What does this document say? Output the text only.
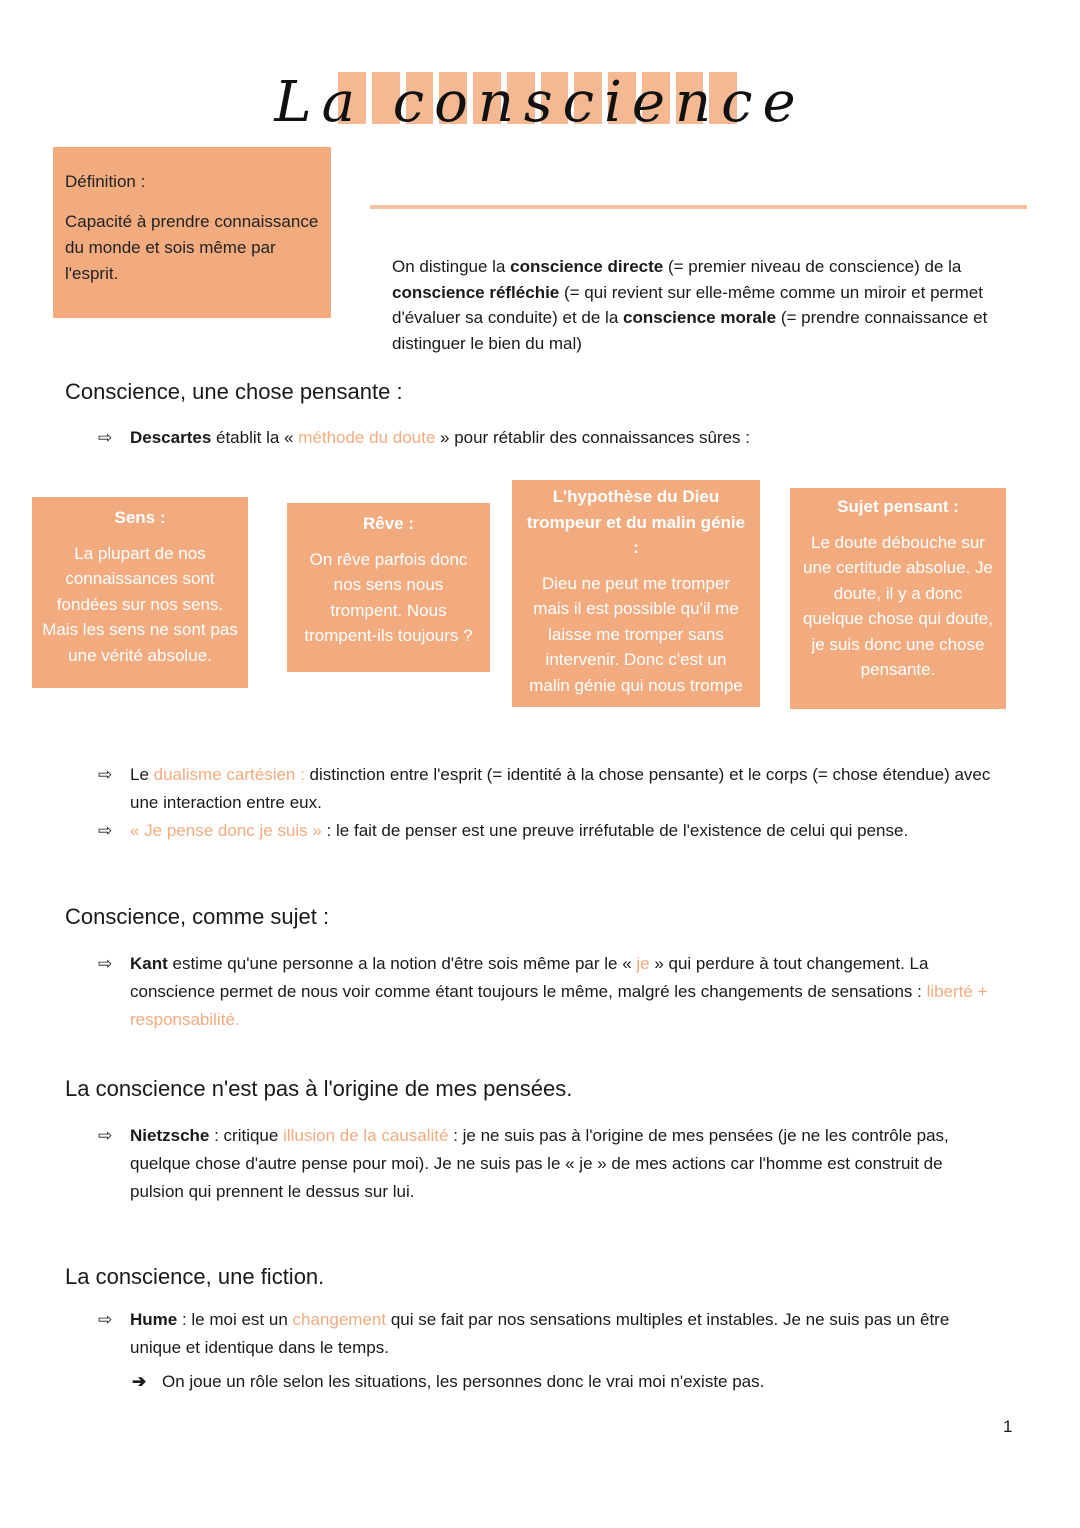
La conscience
Définition :
Capacité à prendre connaissance du monde et sois même par l'esprit.	On distingue la conscience directe (= premier niveau de conscience) de la conscience réfléchie (= qui revient sur elle-même comme un miroir et permet d'évaluer sa conduite) et de la conscience morale (= prendre connaissance et distinguer le bien du mal)
Conscience, une chose pensante :
⇨ Descartes établit la « méthode du doute » pour rétablir des connaissances sûres :
Sens :
La plupart de nos connaissances sont fondées sur nos sens. Mais les sens ne sont pas une vérité absolue.
Rêve :
On rêve parfois donc nos sens nous trompent. Nous trompent-ils toujours ?
L'hypothèse du Dieu trompeur et du malin génie :
Dieu ne peut me tromper mais il est possible qu'il me laisse me tromper sans intervenir. Donc c'est un malin génie qui nous trompe en permanence.
Sujet pensant :
Le doute débouche sur une certitude absolue. Je doute, il y a donc quelque chose qui doute, je suis donc une chose pensante.
⇨ Le dualisme cartésien : distinction entre l'esprit (= identité à la chose pensante) et le corps (= chose étendue) avec une interaction entre eux.
⇨ « Je pense donc je suis » : le fait de penser est une preuve irréfutable de l'existence de celui qui pense.
Conscience, comme sujet :
⇨ Kant estime qu'une personne a la notion d'être sois même par le « je » qui perdure à tout changement. La conscience permet de nous voir comme étant toujours le même, malgré les changements de sensations : liberté + responsabilité.
La conscience n'est pas à l'origine de mes pensées.
⇨ Nietzsche : critique illusion de la causalité : je ne suis pas à l'origine de mes pensées (je ne les contrôle pas, quelque chose d'autre pense pour moi). Je ne suis pas le « je » de mes actions car l'homme est construit de pulsion qui prennent le dessus sur lui.
La conscience, une fiction.
⇨ Hume : le moi est un changement qui se fait par nos sensations multiples et instables. Je ne suis pas un être unique et identique dans le temps.
➔ On joue un rôle selon les situations, les personnes donc le vrai moi n'existe pas.
1
